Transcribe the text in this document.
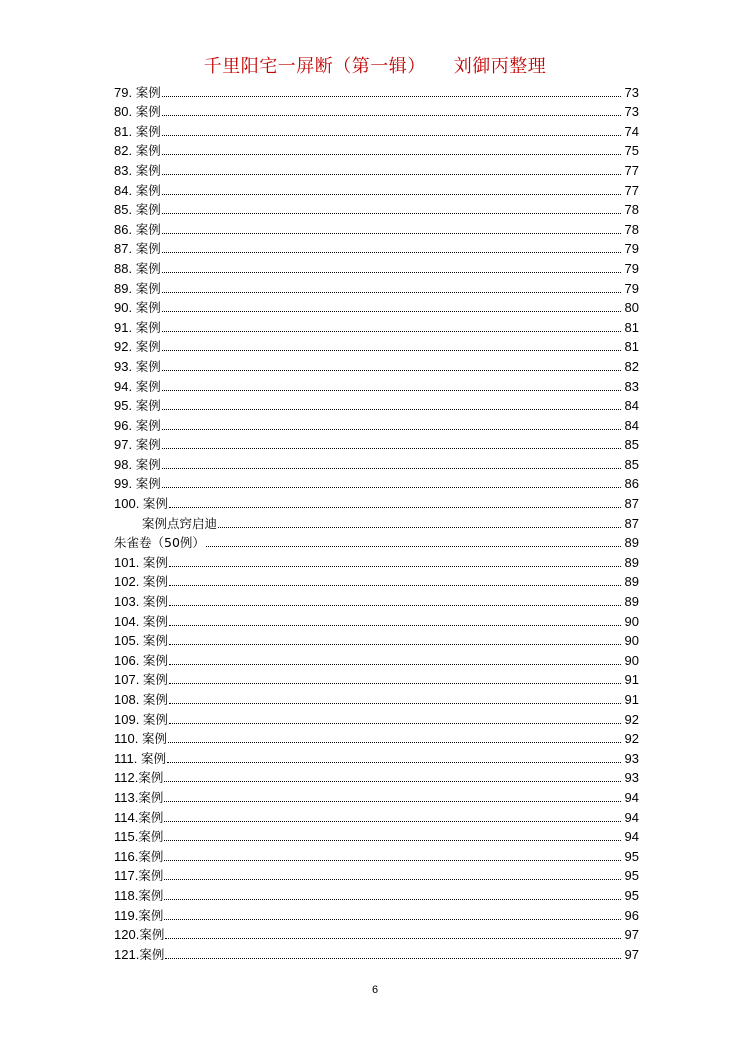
千里阳宅一屏断（第一辑） 刘御丙整理
79. 案例	73
80. 案例	73
81. 案例	74
82. 案例	75
83. 案例	77
84. 案例	77
85. 案例	78
86. 案例	78
87. 案例	79
88. 案例	79
89. 案例	79
90. 案例	80
91. 案例	81
92. 案例	81
93. 案例	82
94. 案例	83
95. 案例	84
96. 案例	84
97. 案例	85
98. 案例	85
99. 案例	86
100. 案例	87
案例点窍启迪	87
朱雀卷（50例）	89
101. 案例	89
102. 案例	89
103. 案例	89
104. 案例	90
105. 案例	90
106. 案例	90
107. 案例	91
108. 案例	91
109. 案例	92
110. 案例	92
111. 案例	93
112. 案例	93
113. 案例	94
114. 案例	94
115. 案例	94
116. 案例	95
117. 案例	95
118. 案例	95
119. 案例	96
120. 案例	97
121. 案例	97
6
